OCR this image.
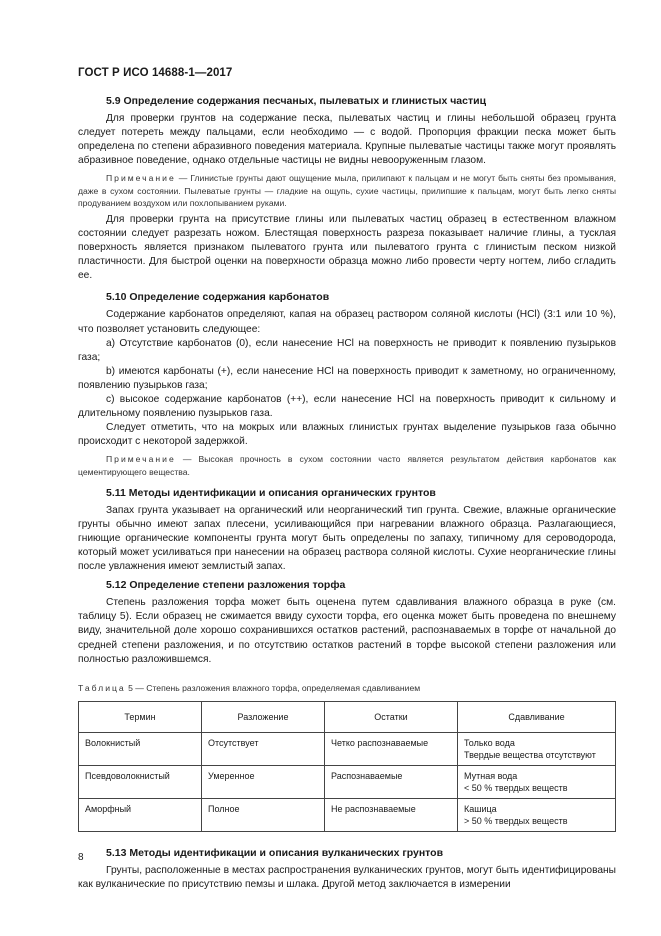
ГОСТ Р ИСО 14688-1—2017
5.9 Определение содержания песчаных, пылеватых и глинистых частиц

Для проверки грунтов на содержание песка, пылеватых частиц и глины небольшой образец грунта следует потереть между пальцами, если необходимо — с водой. Пропорция фракции песка может быть определена по степени абразивного поведения материала. Крупные пылеватые частицы также могут проявлять абразивное поведение, однако отдельные частицы не видны невооруженным глазом.

Примечание — Глинистые грунты дают ощущение мыла, прилипают к пальцам и не могут быть сняты без промывания, даже в сухом состоянии. Пылеватые грунты — гладкие на ощупь, сухие частицы, прилипшие к пальцам, могут быть легко сняты продуванием воздухом или похлопыванием руками.

Для проверки грунта на присутствие глины или пылеватых частиц образец в естественном влажном состоянии следует разрезать ножом. Блестящая поверхность разреза показывает наличие глины, а тусклая поверхность является признаком пылеватого грунта или пылеватого грунта с глинистым песком низкой пластичности. Для быстрой оценки на поверхности образца можно либо провести черту ногтем, либо сгладить ее.

5.10 Определение содержания карбонатов

Содержание карбонатов определяют, капая на образец раствором соляной кислоты (HCl) (3:1 или 10 %), что позволяет установить следующее:

a) Отсутствие карбонатов (0), если нанесение HCl на поверхность не приводит к появлению пузырьков газа;

b) имеются карбонаты (+), если нанесение HCl на поверхность приводит к заметному, но ограниченному, появлению пузырьков газа;

c) высокое содержание карбонатов (++), если нанесение HCl на поверхность приводит к сильному и длительному появлению пузырьков газа.

Следует отметить, что на мокрых или влажных глинистых грунтах выделение пузырьков газа обычно происходит с некоторой задержкой.

Примечание — Высокая прочность в сухом состоянии часто является результатом действия карбонатов как цементирующего вещества.

5.11 Методы идентификации и описания органических грунтов

Запах грунта указывает на органический или неорганический тип грунта. Свежие, влажные органические грунты обычно имеют запах плесени, усиливающийся при нагревании влажного образца. Разлагающиеся, гниющие органические компоненты грунта могут быть определены по запаху, типичному для сероводорода, который может усиливаться при нанесении на образец раствора соляной кислоты. Сухие неорганические глины после увлажнения имеют землистый запах.

5.12 Определение степени разложения торфа

Степень разложения торфа может быть оценена путем сдавливания влажного образца в руке (см. таблицу 5). Если образец не сжимается ввиду сухости торфа, его оценка может быть проведена по внешнему виду, значительной доле хорошо сохранившихся остатков растений, распознаваемых в торфе от начальной до средней степени разложения, и по отсутствию остатков растений в торфе высокой степени разложения или полностью разложившемся.

Таблица 5 — Степень разложения влажного торфа, определяемая сдавливанием
Термин	Разложение	Остатки	Сдавливание
Волокнистый	Отсутствует	Четко распознаваемые	Только вода
Твердые вещества отсутствуют

Псевдоволокнистый	Умеренное	Распознаваемые	Мутная вода
< 50 % твердых веществ

Аморфный	Полное	Не распознаваемые	Кашица
> 50 % твердых веществ
5.13 Методы идентификации и описания вулканических грунтов

Грунты, расположенные в местах распространения вулканических грунтов, могут быть идентифицированы как вулканические по присутствию пемзы и шлака. Другой метод заключается в измерении

8
